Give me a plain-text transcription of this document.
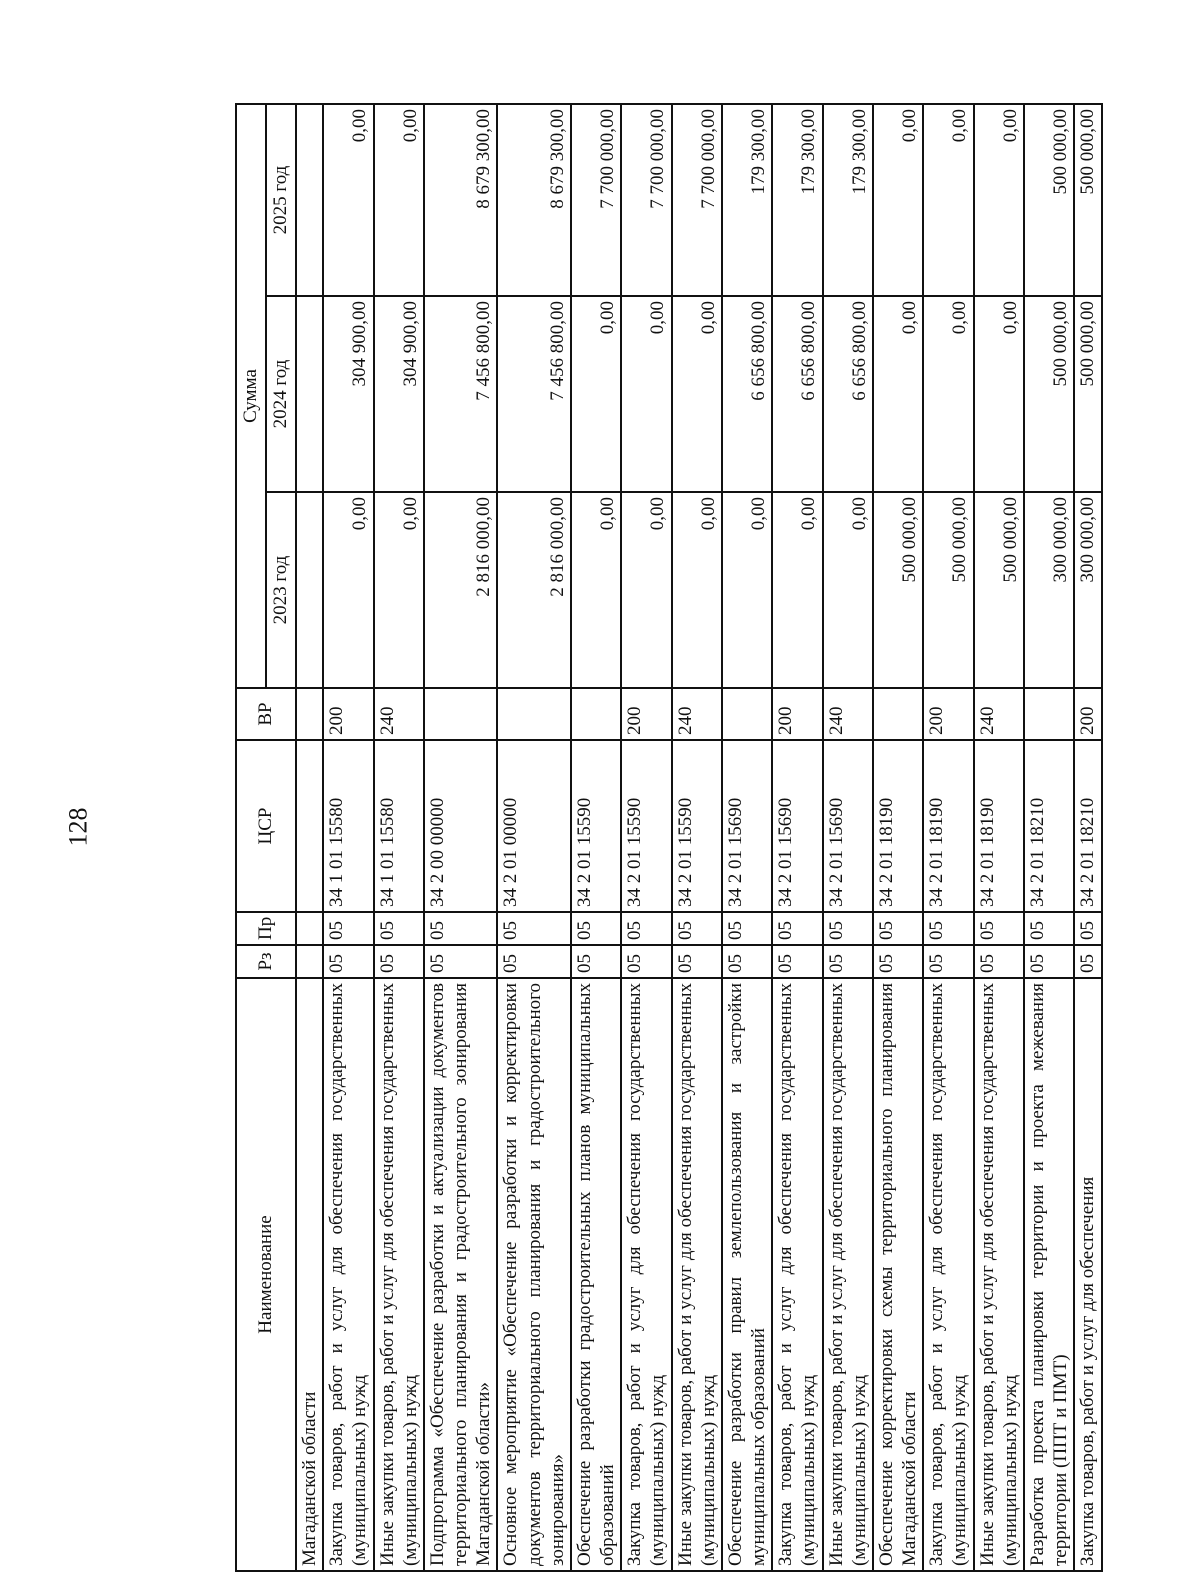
128
Наименование	Рз	Пр	ЦСР	ВР	Сумма		
					2023 год	2024 год	2025 год
Магаданской области							
Закупка товаров, работ и услуг для обеспечения государственных (муниципальных) нужд	05	05	34 1 01 15580	200	0,00	304 900,00	0,00
Иные закупки товаров, работ и услуг для обеспечения государственных (муниципальных) нужд	05	05	34 1 01 15580	240	0,00	304 900,00	0,00
Подпрограмма «Обеспечение разработки и актуализации документов территориального планирования и градостроительного зонирования Магаданской области»	05	05	34 2 00 00000		2 816 000,00	7 456 800,00	8 679 300,00
Основное мероприятие «Обеспечение разработки и корректировки документов территориального планирования и градостроительного зонирования»	05	05	34 2 01 00000		2 816 000,00	7 456 800,00	8 679 300,00
Обеспечение разработки градостроительных планов муниципальных образований	05	05	34 2 01 15590		0,00	0,00	7 700 000,00
Закупка товаров, работ и услуг для обеспечения государственных (муниципальных) нужд	05	05	34 2 01 15590	200	0,00	0,00	7 700 000,00
Иные закупки товаров, работ и услуг для обеспечения государственных (муниципальных) нужд	05	05	34 2 01 15590	240	0,00	0,00	7 700 000,00
Обеспечение разработки правил землепользования и застройки муниципальных образований	05	05	34 2 01 15690		0,00	6 656 800,00	179 300,00
Закупка товаров, работ и услуг для обеспечения государственных (муниципальных) нужд	05	05	34 2 01 15690	200	0,00	6 656 800,00	179 300,00
Иные закупки товаров, работ и услуг для обеспечения государственных (муниципальных) нужд	05	05	34 2 01 15690	240	0,00	6 656 800,00	179 300,00
Обеспечение корректировки схемы территориального планирования Магаданской области	05	05	34 2 01 18190		500 000,00	0,00	0,00
Закупка товаров, работ и услуг для обеспечения государственных (муниципальных) нужд	05	05	34 2 01 18190	200	500 000,00	0,00	0,00
Иные закупки товаров, работ и услуг для обеспечения государственных (муниципальных) нужд	05	05	34 2 01 18190	240	500 000,00	0,00	0,00
Разработка проекта планировки территории и проекта межевания территории (ППТ и ПМТ)	05	05	34 2 01 18210		300 000,00	500 000,00	500 000,00
Закупка товаров, работ и услуг для обеспечения	05	05	34 2 01 18210	200	300 000,00	500 000,00	500 000,00
